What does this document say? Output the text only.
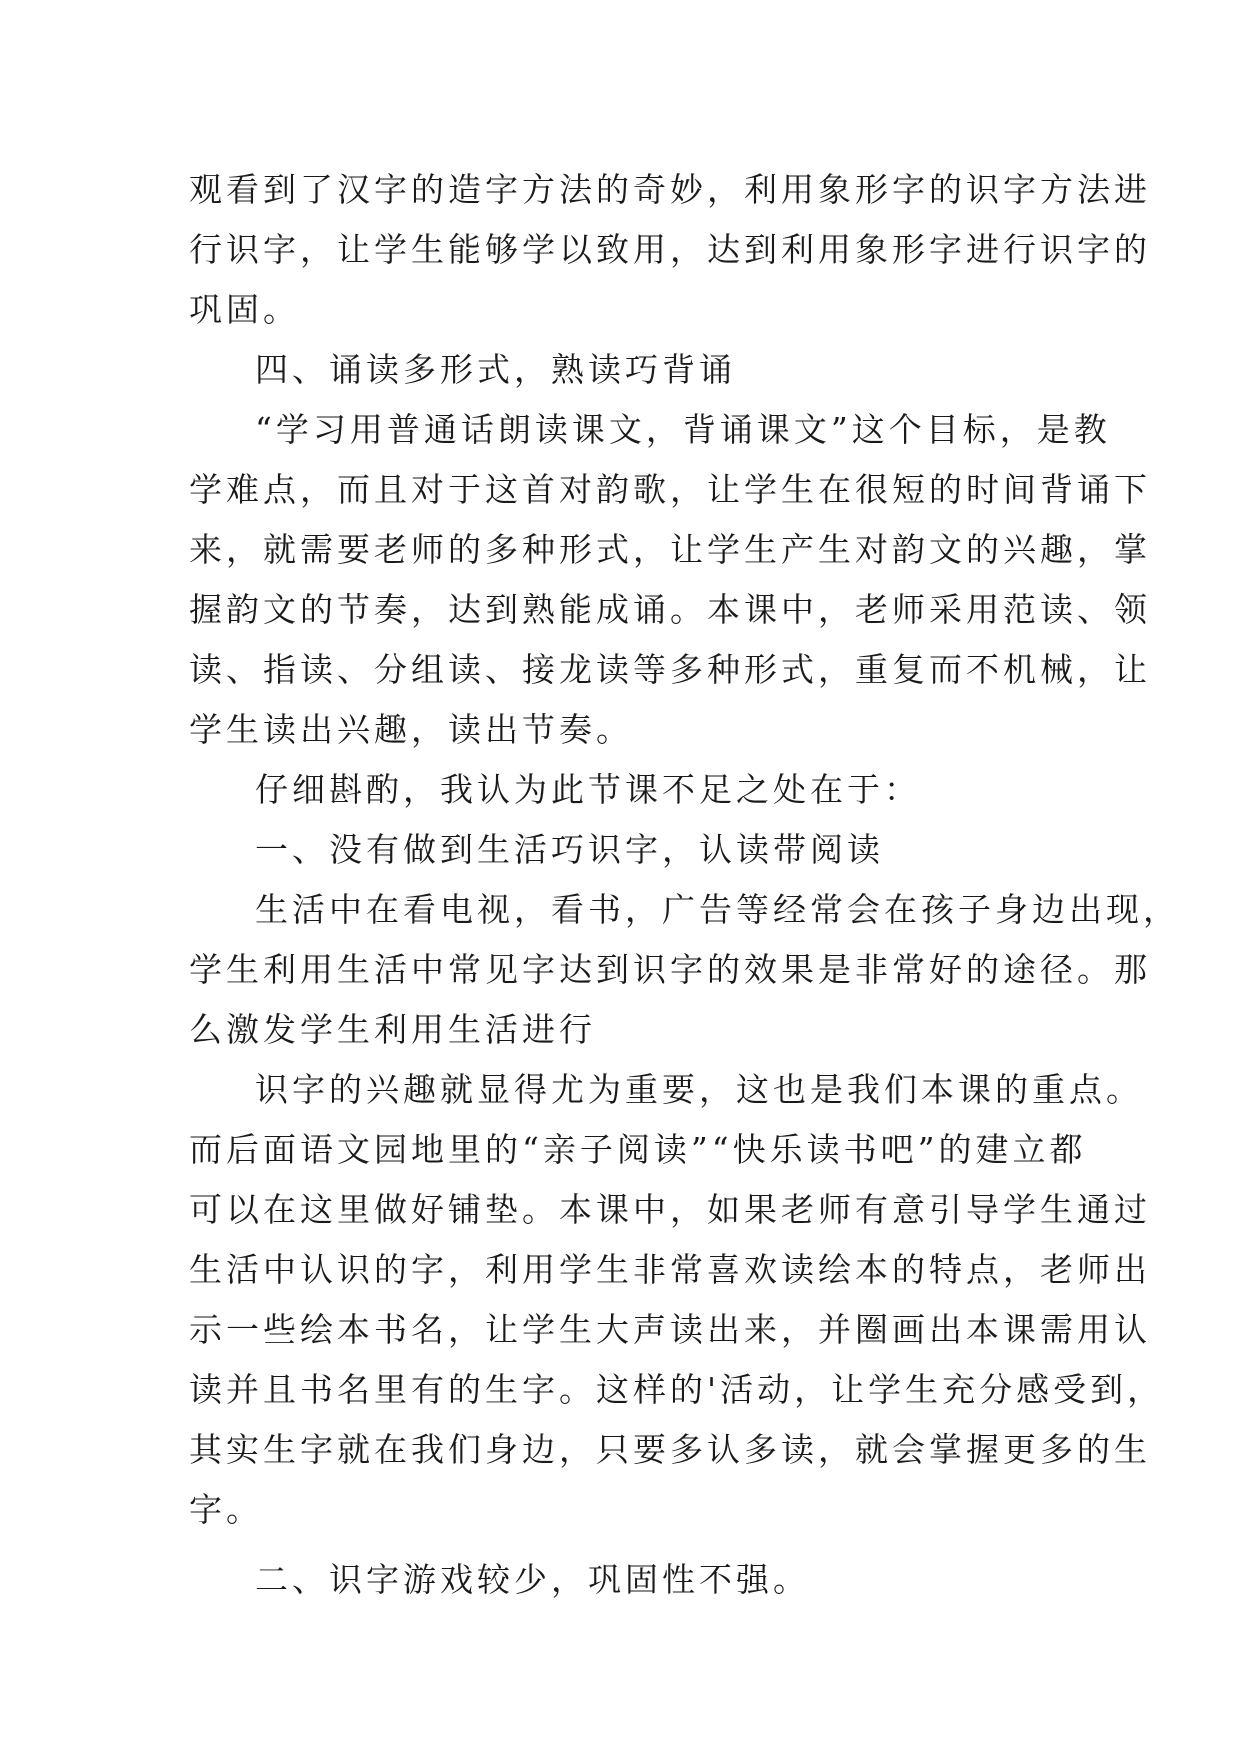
观看到了汉字的造字方法的奇妙，利用象形字的识字方法进
行识字，让学生能够学以致用，达到利用象形字进行识字的
巩固。
四、诵读多形式，熟读巧背诵
“学习用普通话朗读课文，背诵课文”这个目标，是教
学难点，而且对于这首对韵歌，让学生在很短的时间背诵下
来，就需要老师的多种形式，让学生产生对韵文的兴趣，掌
握韵文的节奏，达到熟能成诵。本课中，老师采用范读、领
读、指读、分组读、接龙读等多种形式，重复而不机械，让
学生读出兴趣，读出节奏。
仔细斟酌，我认为此节课不足之处在于：
一、没有做到生活巧识字，认读带阅读
生活中在看电视，看书，广告等经常会在孩子身边出现，
学生利用生活中常见字达到识字的效果是非常好的途径。那
么激发学生利用生活进行
识字的兴趣就显得尤为重要，这也是我们本课的重点。
而后面语文园地里的“亲子阅读”“快乐读书吧”的建立都
可以在这里做好铺垫。本课中，如果老师有意引导学生通过
生活中认识的字，利用学生非常喜欢读绘本的特点，老师出
示一些绘本书名，让学生大声读出来，并圈画出本课需用认
读并且书名里有的生字。这样的'活动，让学生充分感受到，
其实生字就在我们身边，只要多认多读，就会掌握更多的生
字。
二、识字游戏较少，巩固性不强。
